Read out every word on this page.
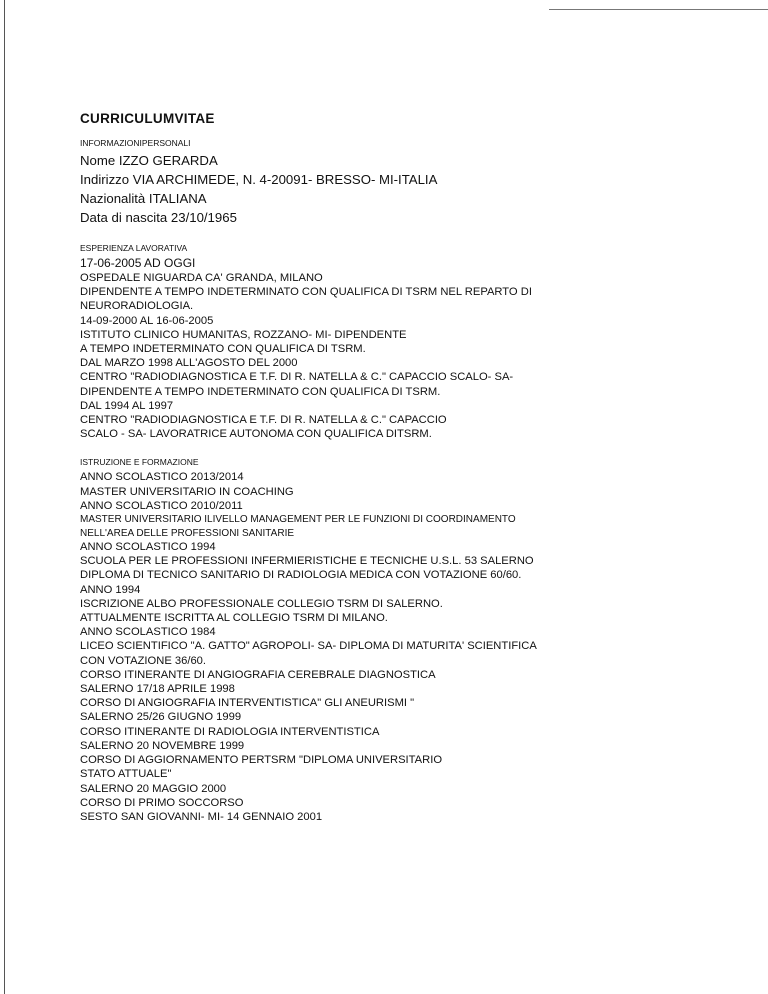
CURRICULUMVITAE
INFORMAZIONIPERSONALI
Nome IZZO GERARDA
Indirizzo VIA ARCHIMEDE, N. 4-20091- BRESSO- MI-ITALIA
Nazionalità ITALIANA
Data di nascita 23/10/1965
ESPERIENZA LAVORATIVA
17-06-2005 AD OGGI
OSPEDALE NIGUARDA CA' GRANDA, MILANO
DIPENDENTE A TEMPO INDETERMINATO CON QUALIFICA DI TSRM NEL REPARTO DI
NEURORADIOLOGIA.
14-09-2000 AL 16-06-2005
ISTITUTO CLINICO HUMANITAS, ROZZANO- MI- DIPENDENTE
A TEMPO INDETERMINATO CON QUALIFICA DI TSRM.
DAL MARZO 1998 ALL'AGOSTO DEL 2000
CENTRO "RADIODIAGNOSTICA E T.F. DI R. NATELLA & C." CAPACCIO SCALO- SA-
DIPENDENTE A TEMPO INDETERMINATO CON QUALIFICA DI TSRM.
DAL 1994 AL 1997
CENTRO "RADIODIAGNOSTICA E T.F. DI R. NATELLA & C." CAPACCIO
SCALO - SA- LAVORATRICE AUTONOMA CON QUALIFICA DITSRM.
ISTRUZIONE E FORMAZIONE
ANNO SCOLASTICO 2013/2014
MASTER UNIVERSITARIO IN COACHING
ANNO SCOLASTICO 2010/2011
MASTER UNIVERSITARIO ILIVELLO MANAGEMENT PER LE FUNZIONI DI COORDINAMENTO
NELL'AREA DELLE PROFESSIONI SANITARIE
ANNO SCOLASTICO 1994
SCUOLA PER LE PROFESSIONI INFERMIERISTICHE E TECNICHE U.S.L. 53 SALERNO
DIPLOMA DI TECNICO SANITARIO DI RADIOLOGIA MEDICA CON VOTAZIONE 60/60.
ANNO 1994
ISCRIZIONE ALBO PROFESSIONALE COLLEGIO TSRM DI SALERNO.
ATTUALMENTE ISCRITTA AL COLLEGIO TSRM DI MILANO.
ANNO SCOLASTICO 1984
LICEO SCIENTIFICO "A. GATTO" AGROPOLI- SA- DIPLOMA DI MATURITA' SCIENTIFICA
CON VOTAZIONE 36/60.
CORSO ITINERANTE DI ANGIOGRAFIA CEREBRALE DIAGNOSTICA
SALERNO 17/18 APRILE 1998
CORSO DI ANGIOGRAFIA INTERVENTISTICA" GLI ANEURISMI "
SALERNO 25/26 GIUGNO 1999
CORSO ITINERANTE DI RADIOLOGIA INTERVENTISTICA
SALERNO 20 NOVEMBRE 1999
CORSO DI AGGIORNAMENTO PERTSRM "DIPLOMA UNIVERSITARIO
STATO ATTUALE"
SALERNO 20 MAGGIO 2000
CORSO DI PRIMO SOCCORSO
SESTO SAN GIOVANNI- MI- 14 GENNAIO 2001
